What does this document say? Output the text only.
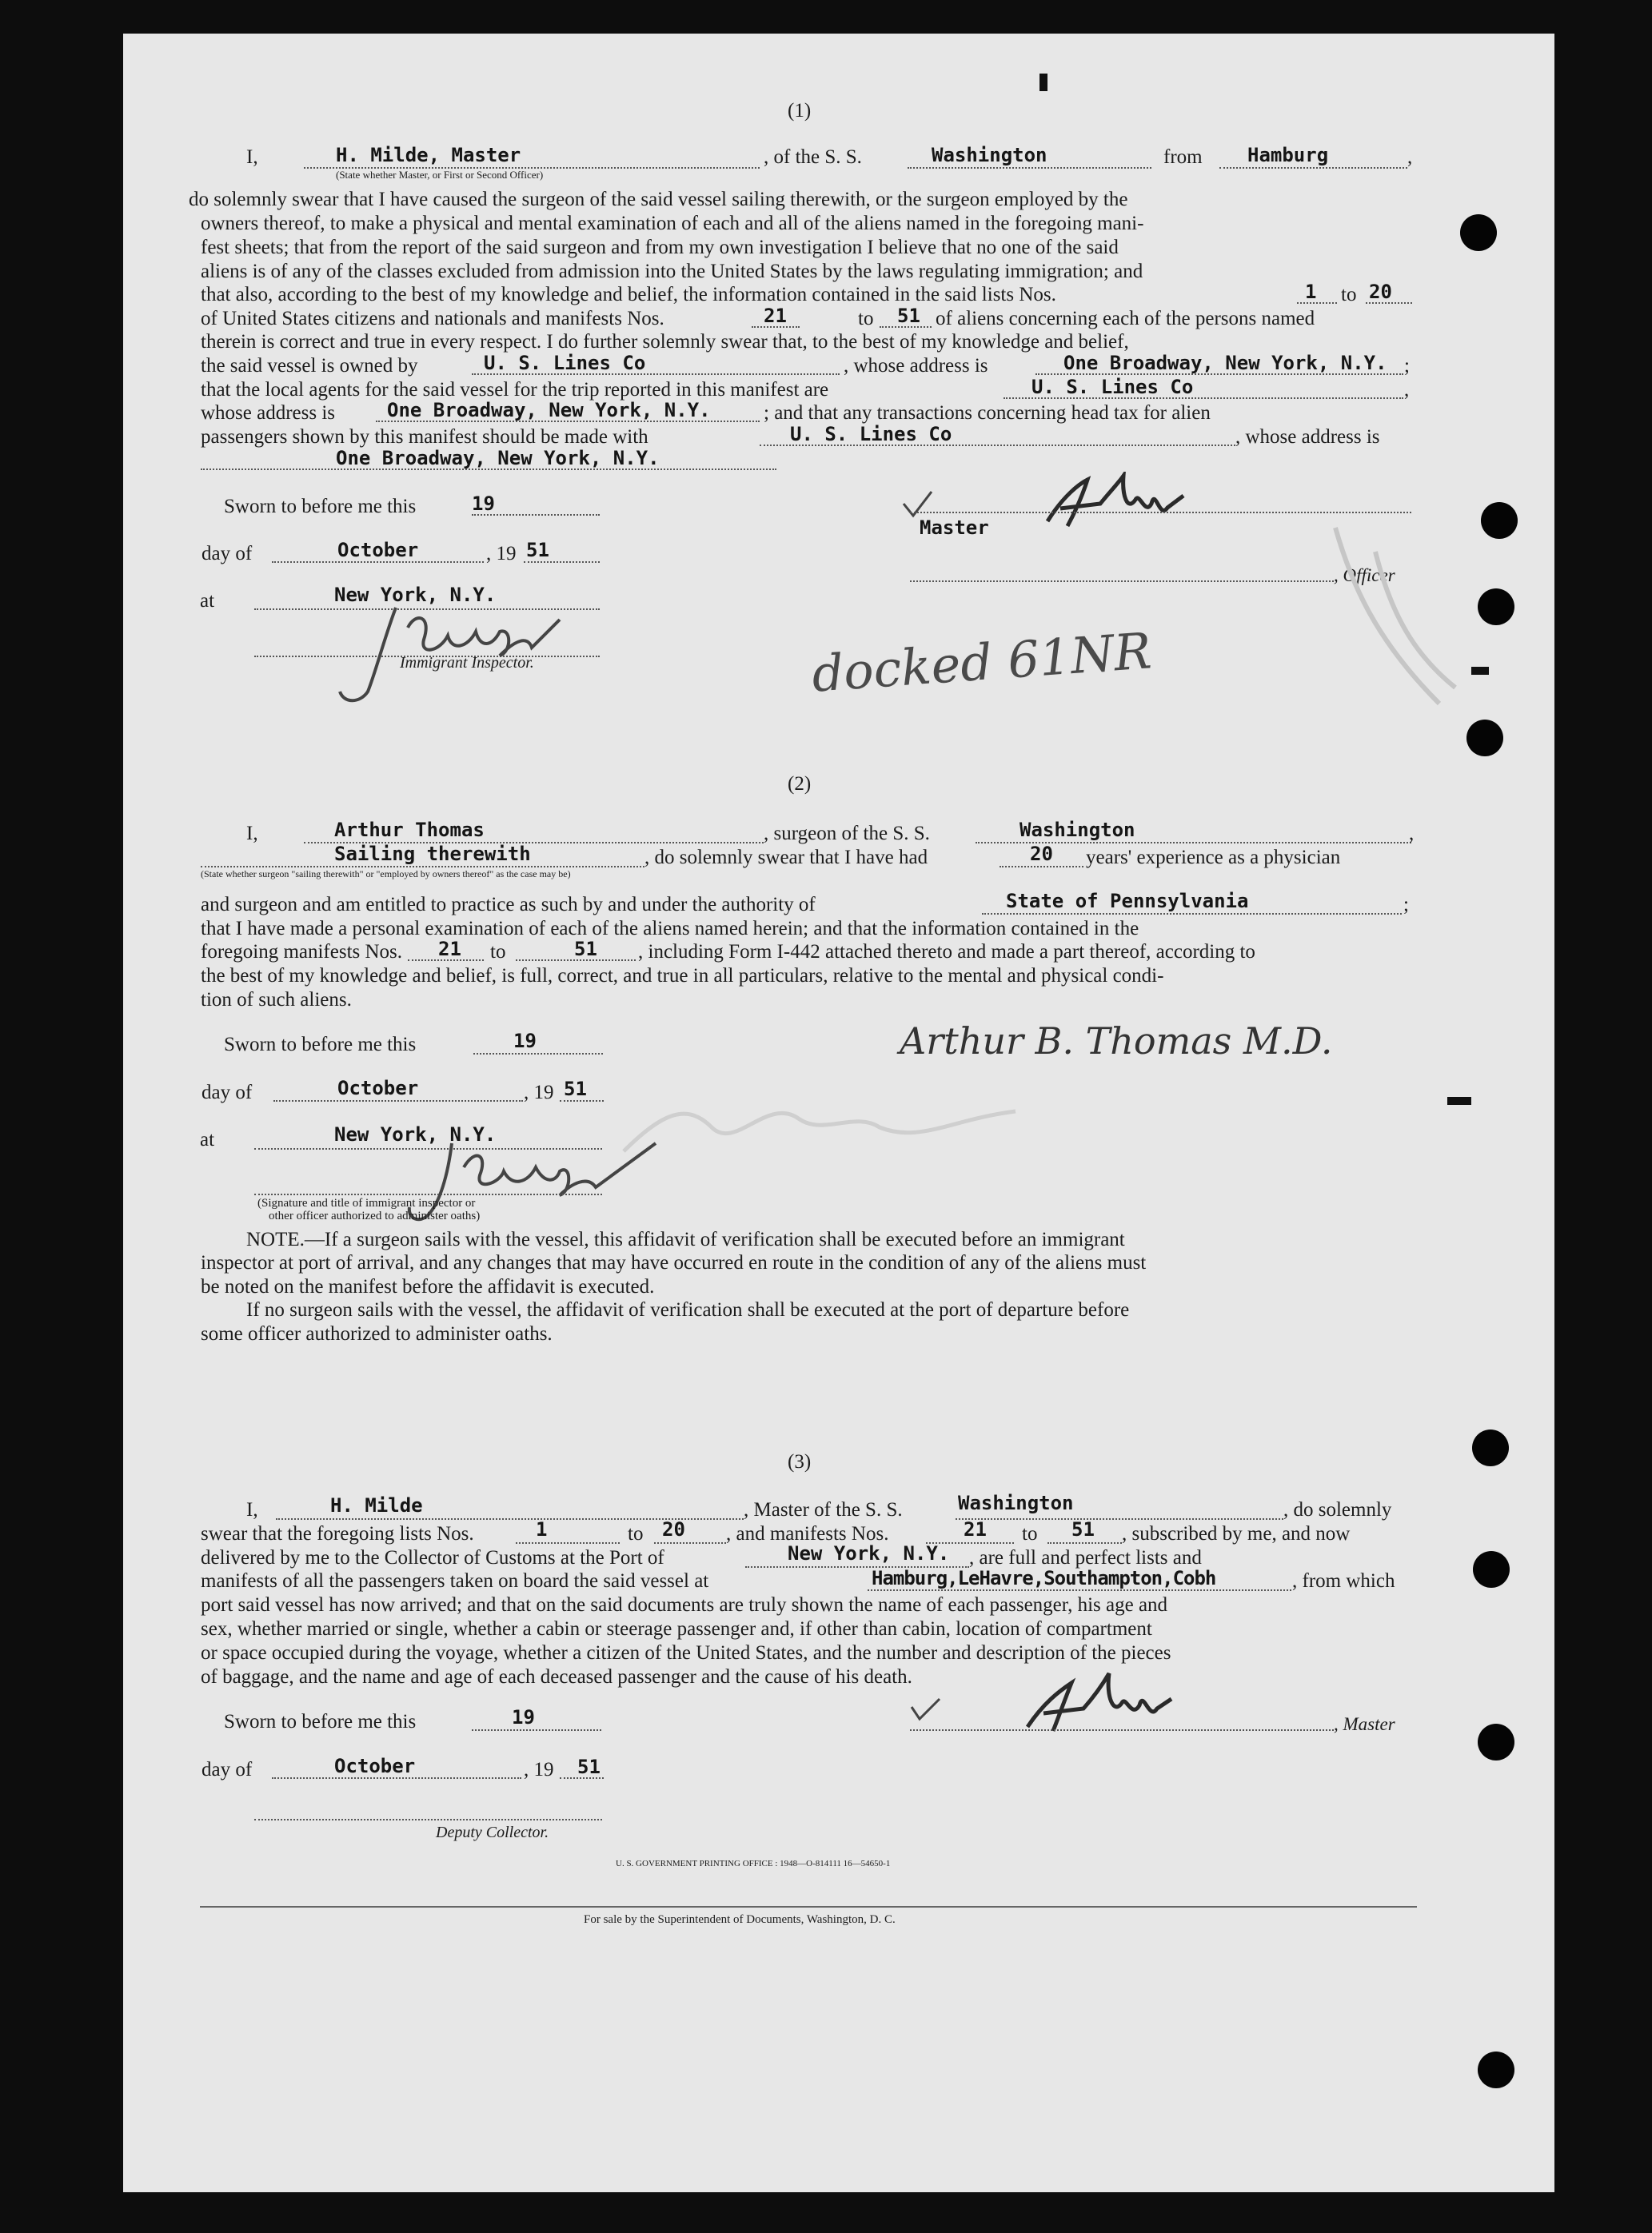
(1)
I,	H. Milde, Master
(State whether Master, or First or Second Officer)
, of the S. S.	Washington	from Hamburg	,
do solemnly swear that I have caused the surgeon of the said vessel sailing therewith, or the surgeon employed by the
owners thereof, to make a physical and mental examination of each and all of the aliens named in the foregoing mani-
fest sheets; that from the report of the said surgeon and from my own investigation I believe that no one of the said
aliens is of any of the classes excluded from admission into the United States by the laws regulating immigration; and
that also, according to the best of my knowledge and belief, the information contained in the said lists Nos.	1 to 20
of United States citizens and nationals and manifests Nos.	21	to 51 of aliens concerning each of the persons named
therein is correct and true in every respect. I do further solemnly swear that, to the best of my knowledge and belief,
the said vessel is owned by	U. S. Lines Co	, whose address is	One Broadway, New York, N.Y. ;
that the local agents for the said vessel for the trip reported in this manifest are	U. S. Lines Co	,
whose address is	One Broadway, New York, N.Y.	; and that any transactions concerning head tax for alien
passengers shown by this manifest should be made with	U. S. Lines Co	, whose address is
One Broadway, New York, N.Y.
Sworn to before me this	19
day of	October	, 19 51
at	New York, N.Y.
Immigrant Inspector.
Master
, Officer
docked 61NR
(2)
I,	Arthur Thomas	, surgeon of the S. S.	Washington	,
Sailing therewith	, do solemnly swear that I have had	20 years' experience as a physician
(State whether surgeon "sailing therewith" or "employed by owners thereof" as the case may be)
and surgeon and am entitled to practice as such by and under the authority of	State of Pennsylvania	;
that I have made a personal examination of each of the aliens named herein; and that the information contained in the
foregoing manifests Nos. 21 to	51 , including Form I-442 attached thereto and made a part thereof, according to
the best of my knowledge and belief, is full, correct, and true in all particulars, relative to the mental and physical condi-
tion of such aliens.
Arthur B. Thomas M.D.
Sworn to before me this	19
day of	October	, 19 51
at	New York, N.Y.
(Signature and title of immigrant inspector or
other officer authorized to administer oaths)
NOTE.—If a surgeon sails with the vessel, this affidavit of verification shall be executed before an immigrant
inspector at port of arrival, and any changes that may have occurred en route in the condition of any of the aliens must
be noted on the manifest before the affidavit is executed.
If no surgeon sails with the vessel, the affidavit of verification shall be executed at the port of departure before
some officer authorized to administer oaths.
(3)
I,	H. Milde	, Master of the S. S.	Washington	, do solemnly
swear that the foregoing lists Nos.	1	to 20 , and manifests Nos.	21 to 51 , subscribed by me, and now
delivered by me to the Collector of Customs at the Port of	New York, N.Y. , are full and perfect lists and
manifests of all the passengers taken on board the said vessel at	Hamburg,LeHavre,Southampton,Cobh	, from which
port said vessel has now arrived; and that on the said documents are truly shown the name of each passenger, his age and
sex, whether married or single, whether a cabin or steerage passenger and, if other than cabin, location of compartment
or space occupied during the voyage, whether a citizen of the United States, and the number and description of the pieces
of baggage, and the name and age of each deceased passenger and the cause of his death.
Sworn to before me this	19	, Master
day of	October	, 19 51
Deputy Collector.
U. S. GOVERNMENT PRINTING OFFICE : 1948—O-814111 16—54650-1
For sale by the Superintendent of Documents, Washington, D. C.
